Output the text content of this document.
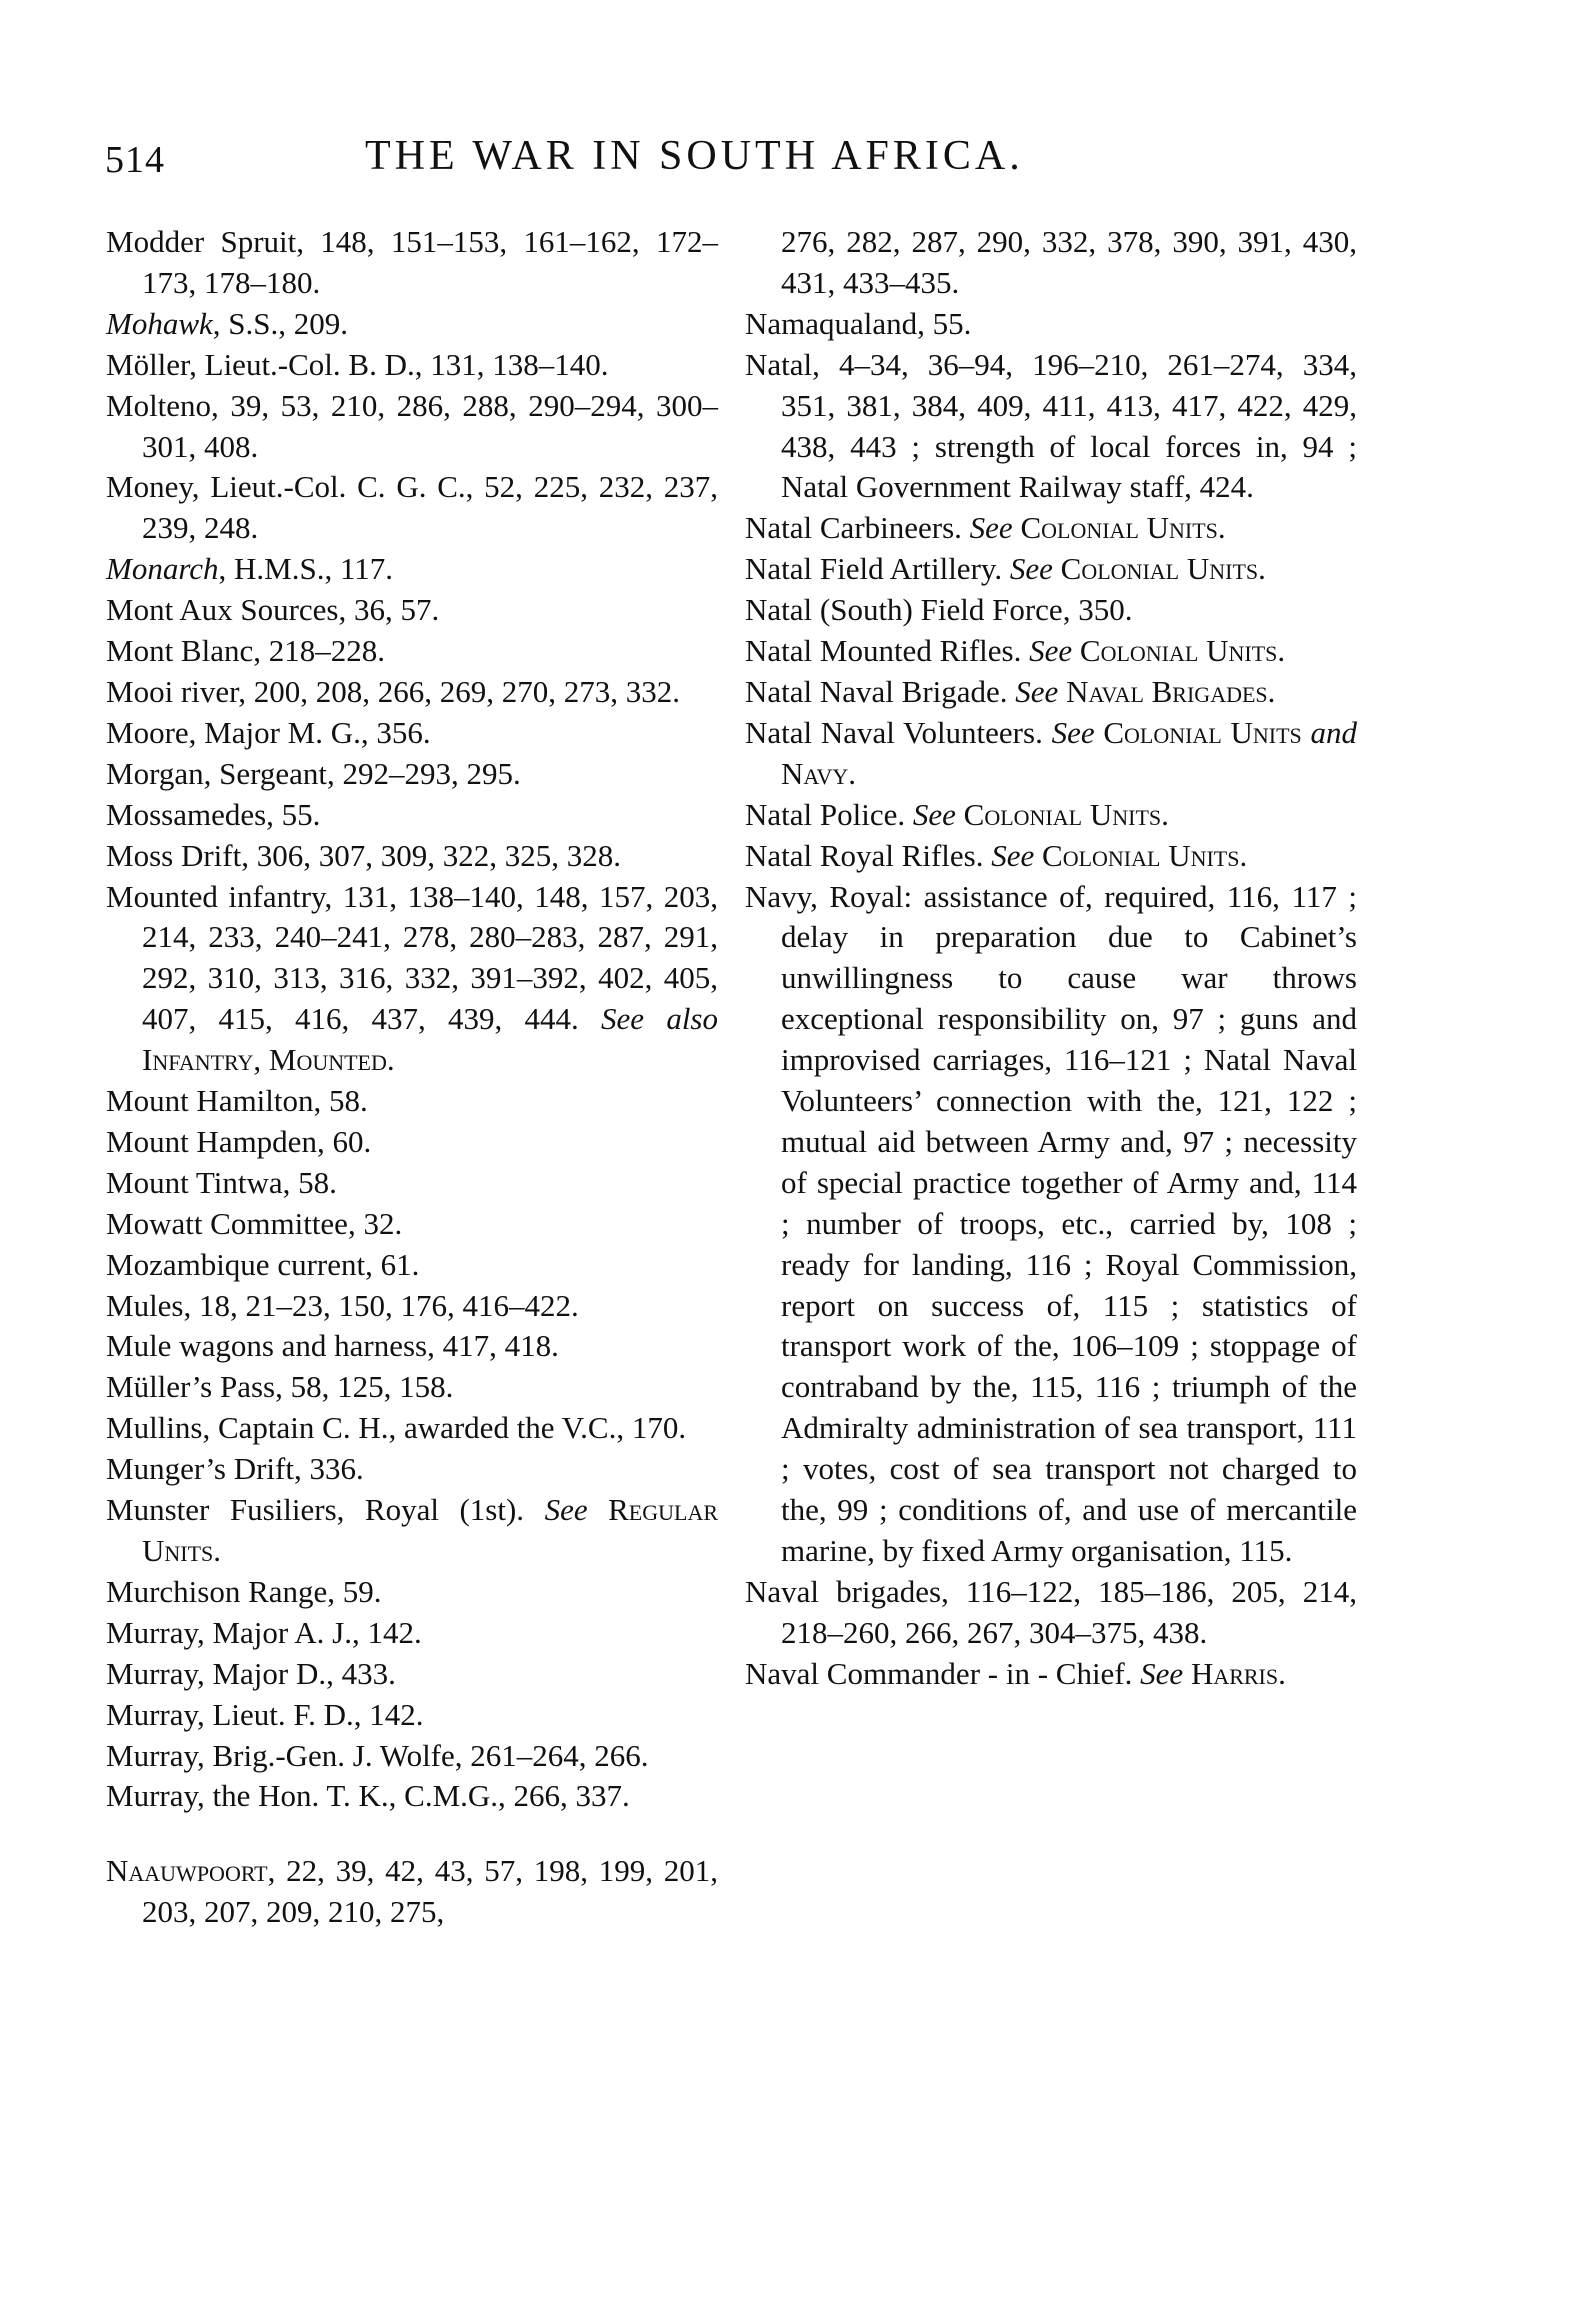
514	THE WAR IN SOUTH AFRICA.
Modder Spruit, 148, 151–153, 161–162, 172–173, 178–180.
Mohawk, S.S., 209.
Möller, Lieut.-Col. B. D., 131, 138–140.
Molteno, 39, 53, 210, 286, 288, 290–294, 300–301, 408.
Money, Lieut.-Col. C. G. C., 52, 225, 232, 237, 239, 248.
Monarch, H.M.S., 117.
Mont Aux Sources, 36, 57.
Mont Blanc, 218–228.
Mooi river, 200, 208, 266, 269, 270, 273, 332.
Moore, Major M. G., 356.
Morgan, Sergeant, 292–293, 295.
Mossamedes, 55.
Moss Drift, 306, 307, 309, 322, 325, 328.
Mounted infantry, 131, 138–140, 148, 157, 203, 214, 233, 240–241, 278, 280–283, 287, 291, 292, 310, 313, 316, 332, 391–392, 402, 405, 407, 415, 416, 437, 439, 444. See also Infantry, Mounted.
Mount Hamilton, 58.
Mount Hampden, 60.
Mount Tintwa, 58.
Mowatt Committee, 32.
Mozambique current, 61.
Mules, 18, 21–23, 150, 176, 416–422.
Mule wagons and harness, 417, 418.
Müller’s Pass, 58, 125, 158.
Mullins, Captain C. H., awarded the V.C., 170.
Munger’s Drift, 336.
Munster Fusiliers, Royal (1st). See Regular Units.
Murchison Range, 59.
Murray, Major A. J., 142.
Murray, Major D., 433.
Murray, Lieut. F. D., 142.
Murray, Brig.-Gen. J. Wolfe, 261–264, 266.
Murray, the Hon. T. K., C.M.G., 266, 337.
Naauwpoort, 22, 39, 42, 43, 57, 198, 199, 201, 203, 207, 209, 210, 275,
276, 282, 287, 290, 332, 378, 390, 391, 430, 431, 433–435.
Namaqualand, 55.
Natal, 4–34, 36–94, 196–210, 261–274, 334, 351, 381, 384, 409, 411, 413, 417, 422, 429, 438, 443 ; strength of local forces in, 94 ; Natal Government Railway staff, 424.
Natal Carbineers. See Colonial Units.
Natal Field Artillery. See Colonial Units.
Natal (South) Field Force, 350.
Natal Mounted Rifles. See Colonial Units.
Natal Naval Brigade. See Naval Brigades.
Natal Naval Volunteers. See Colonial Units and Navy.
Natal Police. See Colonial Units.
Natal Royal Rifles. See Colonial Units.
Navy, Royal: assistance of, required, 116, 117 ; delay in preparation due to Cabinet’s unwillingness to cause war throws exceptional responsibility on, 97 ; guns and improvised carriages, 116–121 ; Natal Naval Volunteers’ connection with the, 121, 122 ; mutual aid between Army and, 97 ; necessity of special practice together of Army and, 114 ; number of troops, etc., carried by, 108 ; ready for landing, 116 ; Royal Commission, report on success of, 115 ; statistics of transport work of the, 106–109 ; stoppage of contraband by the, 115, 116 ; triumph of the Admiralty administration of sea transport, 111 ; votes, cost of sea transport not charged to the, 99 ; conditions of, and use of mercantile marine, by fixed Army organisation, 115.
Naval brigades, 116–122, 185–186, 205, 214, 218–260, 266, 267, 304–375, 438.
Naval Commander - in - Chief. See Harris.
